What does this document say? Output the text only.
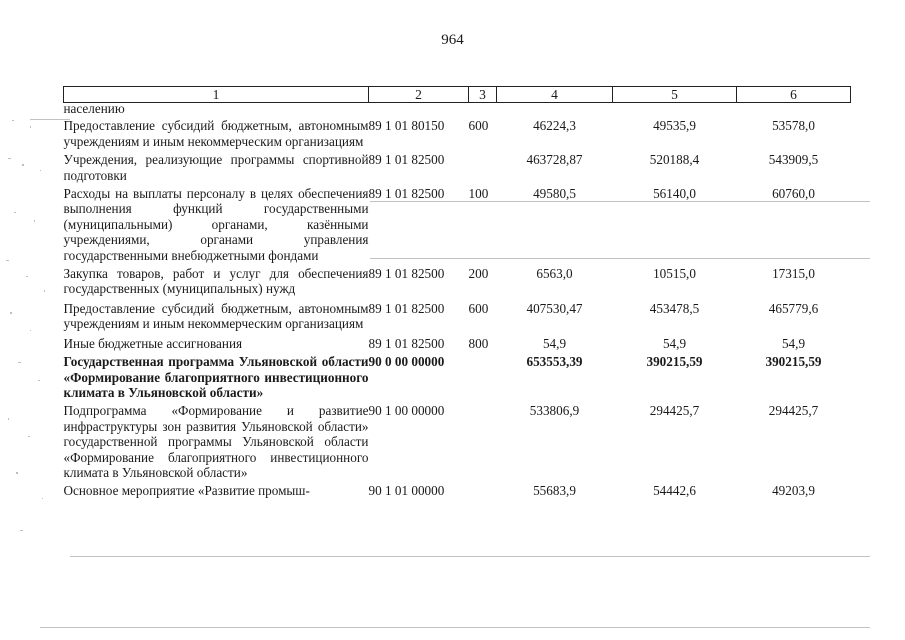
964
1	2	3	4	5	6
населению					
Предоставление субсидий бюджетным, автономным учреждениям и иным некоммерческим организациям	89 1 01 80150	600	46224,3	49535,9	53578,0
Учреждения, реализующие программы спортивной подготовки	89 1 01 82500		463728,87	520188,4	543909,5
Расходы на выплаты персоналу в целях обеспечения выполнения функций государственными (муниципальными) органами, казёнными учреждениями, органами управления государственными внебюджетными фондами	89 1 01 82500	100	49580,5	56140,0	60760,0
Закупка товаров, работ и услуг для обеспечения государственных (муниципальных) нужд	89 1 01 82500	200	6563,0	10515,0	17315,0
Предоставление субсидий бюджетным, автономным учреждениям и иным некоммерческим организациям	89 1 01 82500	600	407530,47	453478,5	465779,6
Иные бюджетные ассигнования	89 1 01 82500	800	54,9	54,9	54,9
Государственная программа Ульяновской области «Формирование благоприятного инвестиционного климата в Ульяновской области»	90 0 00 00000		653553,39	390215,59	390215,59
Подпрограмма «Формирование и развитие инфраструктуры зон развития Ульяновской области» государственной программы Ульяновской области «Формирование благоприятного инвестиционного климата в Ульяновской области»	90 1 00 00000		533806,9	294425,7	294425,7
Основное мероприятие «Развитие промыш-	90 1 01 00000		55683,9	54442,6	49203,9
